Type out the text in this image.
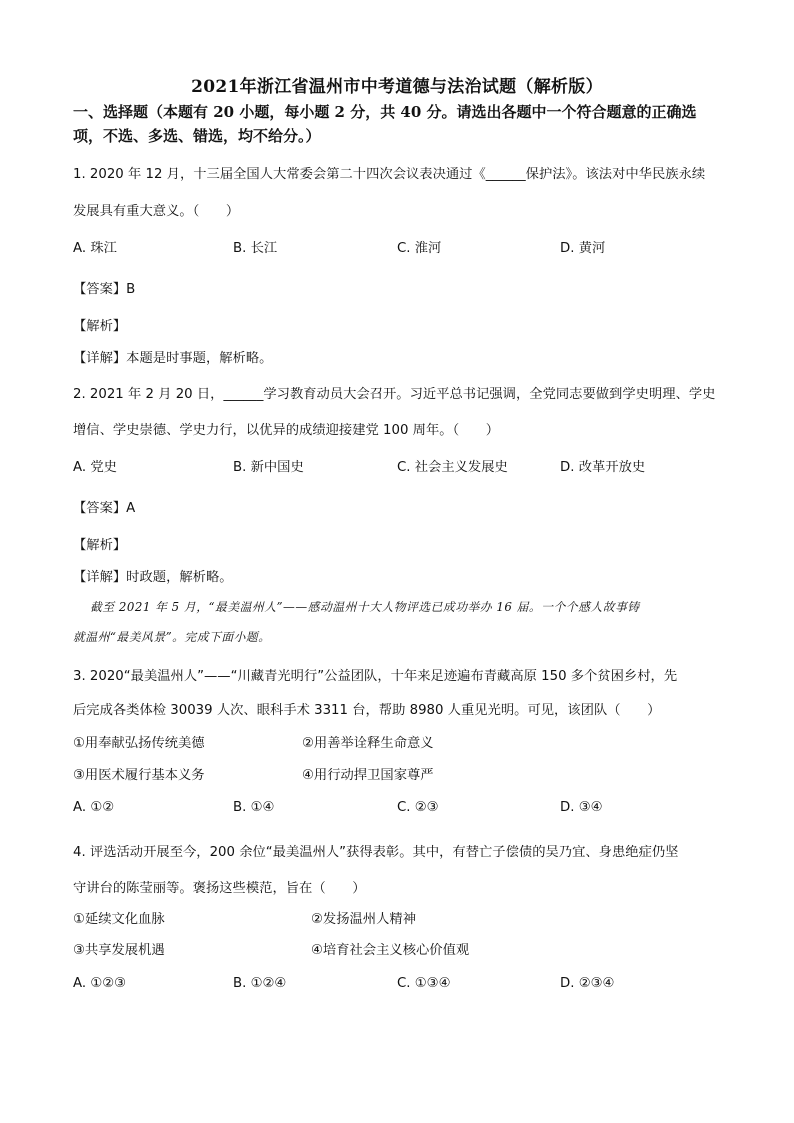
2021年浙江省温州市中考道德与法治试题（解析版）
一、选择题（本题有 20 小题，每小题 2 分，共 40 分。请选出各题中一个符合题意的正确选
项，不选、多选、错选，均不给分。）
1. 2020 年 12 月，十三届全国人大常委会第二十四次会议表决通过《______保护法》。该法对中华民族永续
发展具有重大意义。（　　）
A. 珠江	B. 长江	C. 淮河	D. 黄河
【答案】B
【解析】
【详解】本题是时事题，解析略。
2. 2021 年 2 月 20 日，______学习教育动员大会召开。习近平总书记强调，全党同志要做到学史明理、学史
增信、学史崇德、学史力行，以优异的成绩迎接建党 100 周年。（　　）
A. 党史	B. 新中国史	C. 社会主义发展史	D. 改革开放史
【答案】A
【解析】
【详解】时政题，解析略。
截至 2021 年 5 月，“最美温州人”——感动温州十大人物评选已成功举办 16 届。一个个感人故事铸
就温州“最美风景”。完成下面小题。
3. 2020“最美温州人”——“川藏青光明行”公益团队，十年来足迹遍布青藏高原 150 多个贫困乡村，先
后完成各类体检 30039 人次、眼科手术 3311 台，帮助 8980 人重见光明。可见，该团队（　　）
①用奉献弘扬传统美德	②用善举诠释生命意义
③用医术履行基本义务	④用行动捍卫国家尊严
A. ①②	B. ①④	C. ②③	D. ③④
4. 评选活动开展至今，200 余位“最美温州人”获得表彰。其中，有替亡子偿债的吴乃宜、身患绝症仍坚
守讲台的陈莹丽等。褒扬这些模范，旨在（　　）
①延续文化血脉	②发扬温州人精神
③共享发展机遇	④培育社会主义核心价值观
A. ①②③	B. ①②④	C. ①③④	D. ②③④
